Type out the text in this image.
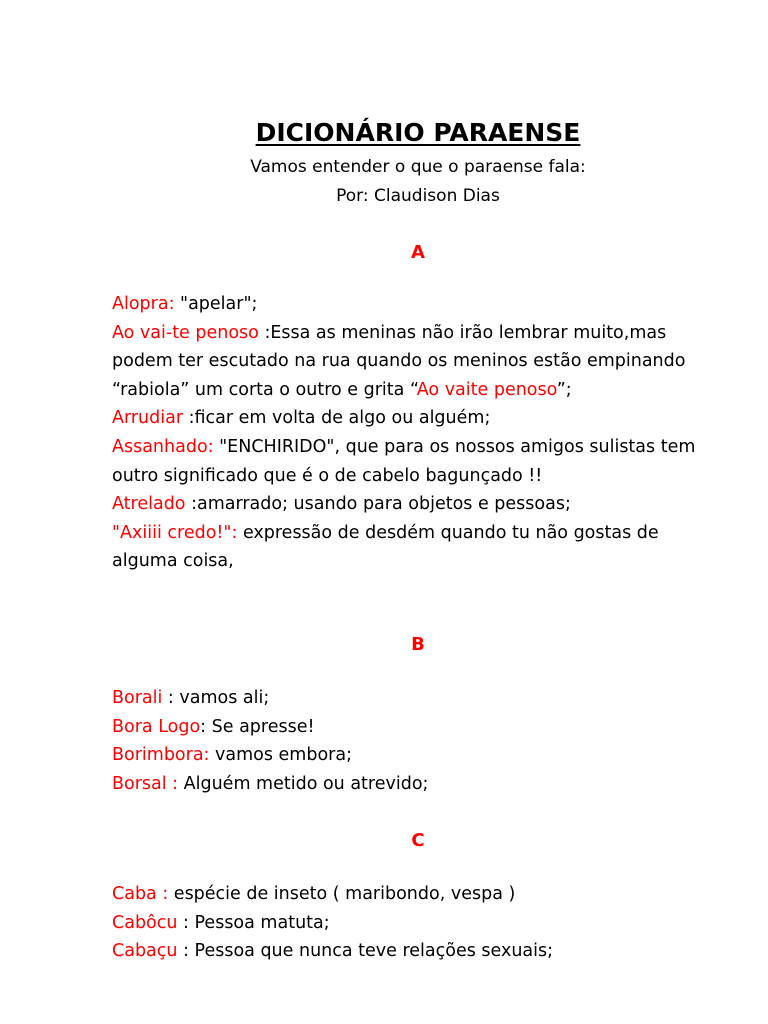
DICIONÁRIO PARAENSE

Vamos entender o que o paraense fala:

Por: Claudison Dias

A

Alopra: "apelar";

Ao vai-te penoso :Essa as meninas não irão lembrar muito,mas podem ter escutado na rua quando os meninos estão empinando “rabiola” um corta o outro e grita “Ao vaite penoso”;

Arrudiar :ficar em volta de algo ou alguém;

Assanhado: "ENCHIRIDO", que para os nossos amigos sulistas tem outro significado que é o de cabelo bagunçado !!

Atrelado :amarrado; usando para objetos e pessoas;

"Axiiii credo!": expressão de desdém quando tu não gostas de alguma coisa,

B

Borali : vamos ali;

Bora Logo: Se apresse!

Borimbora: vamos embora;

Borsal : Alguém metido ou atrevido;

C

Caba : espécie de inseto ( maribondo, vespa )

Cabôcu : Pessoa matuta;

Cabaçu : Pessoa que nunca teve relações sexuais;
